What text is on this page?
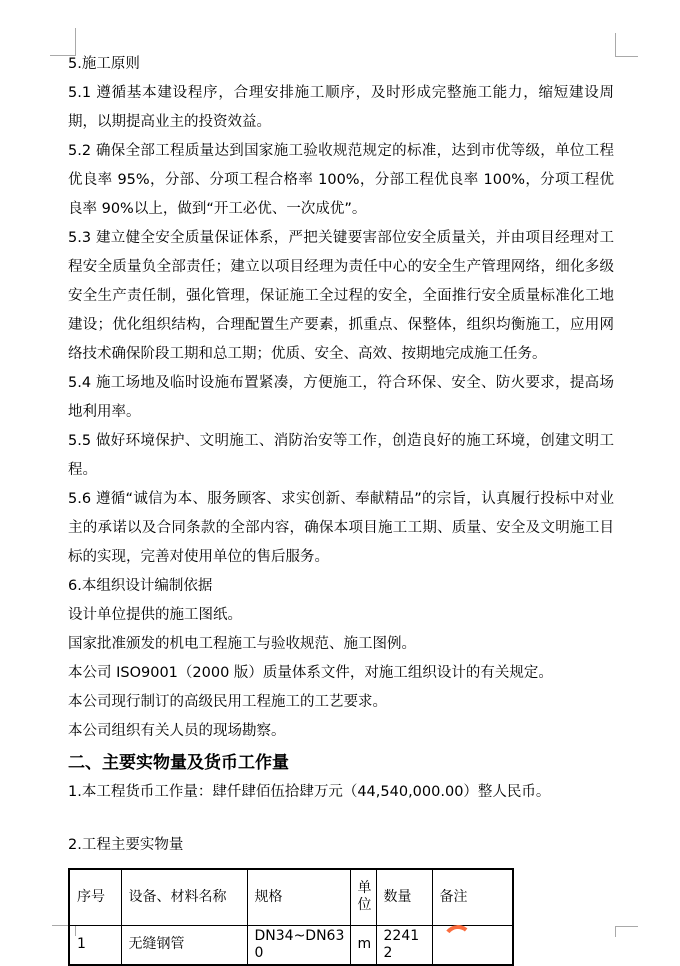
5.施工原则

5.1 遵循基本建设程序，合理安排施工顺序，及时形成完整施工能力，缩短建设周期，以期提高业主的投资效益。

5.2 确保全部工程质量达到国家施工验收规范规定的标准，达到市优等级，单位工程优良率 95%，分部、分项工程合格率 100%，分部工程优良率 100%，分项工程优良率 90%以上，做到“开工必优、一次成优”。

5.3 建立健全安全质量保证体系，严把关键要害部位安全质量关，并由项目经理对工程安全质量负全部责任；建立以项目经理为责任中心的安全生产管理网络，细化多级安全生产责任制，强化管理，保证施工全过程的安全，全面推行安全质量标准化工地建设；优化组织结构，合理配置生产要素，抓重点、保整体，组织均衡施工，应用网络技术确保阶段工期和总工期；优质、安全、高效、按期地完成施工任务。

5.4 施工场地及临时设施布置紧凑，方便施工，符合环保、安全、防火要求，提高场地利用率。

5.5 做好环境保护、文明施工、消防治安等工作，创造良好的施工环境，创建文明工程。

5.6 遵循“诚信为本、服务顾客、求实创新、奉献精品”的宗旨，认真履行投标中对业主的承诺以及合同条款的全部内容，确保本项目施工工期、质量、安全及文明施工目标的实现，完善对使用单位的售后服务。

6.本组织设计编制依据

设计单位提供的施工图纸。

国家批准颁发的机电工程施工与验收规范、施工图例。

本公司 ISO9001（2000 版）质量体系文件，对施工组织设计的有关规定。

本公司现行制订的高级民用工程施工的工艺要求。

本公司组织有关人员的现场勘察。

二、主要实物量及货币工作量

1.本工程货币工作量：肆仟肆佰伍拾肆万元（44,540,000.00）整人民币。

2.工程主要实物量

序号	设备、材料名称	规格	单位	数量	备注
1	无缝钢管	DN34~DN630	m	22412	
